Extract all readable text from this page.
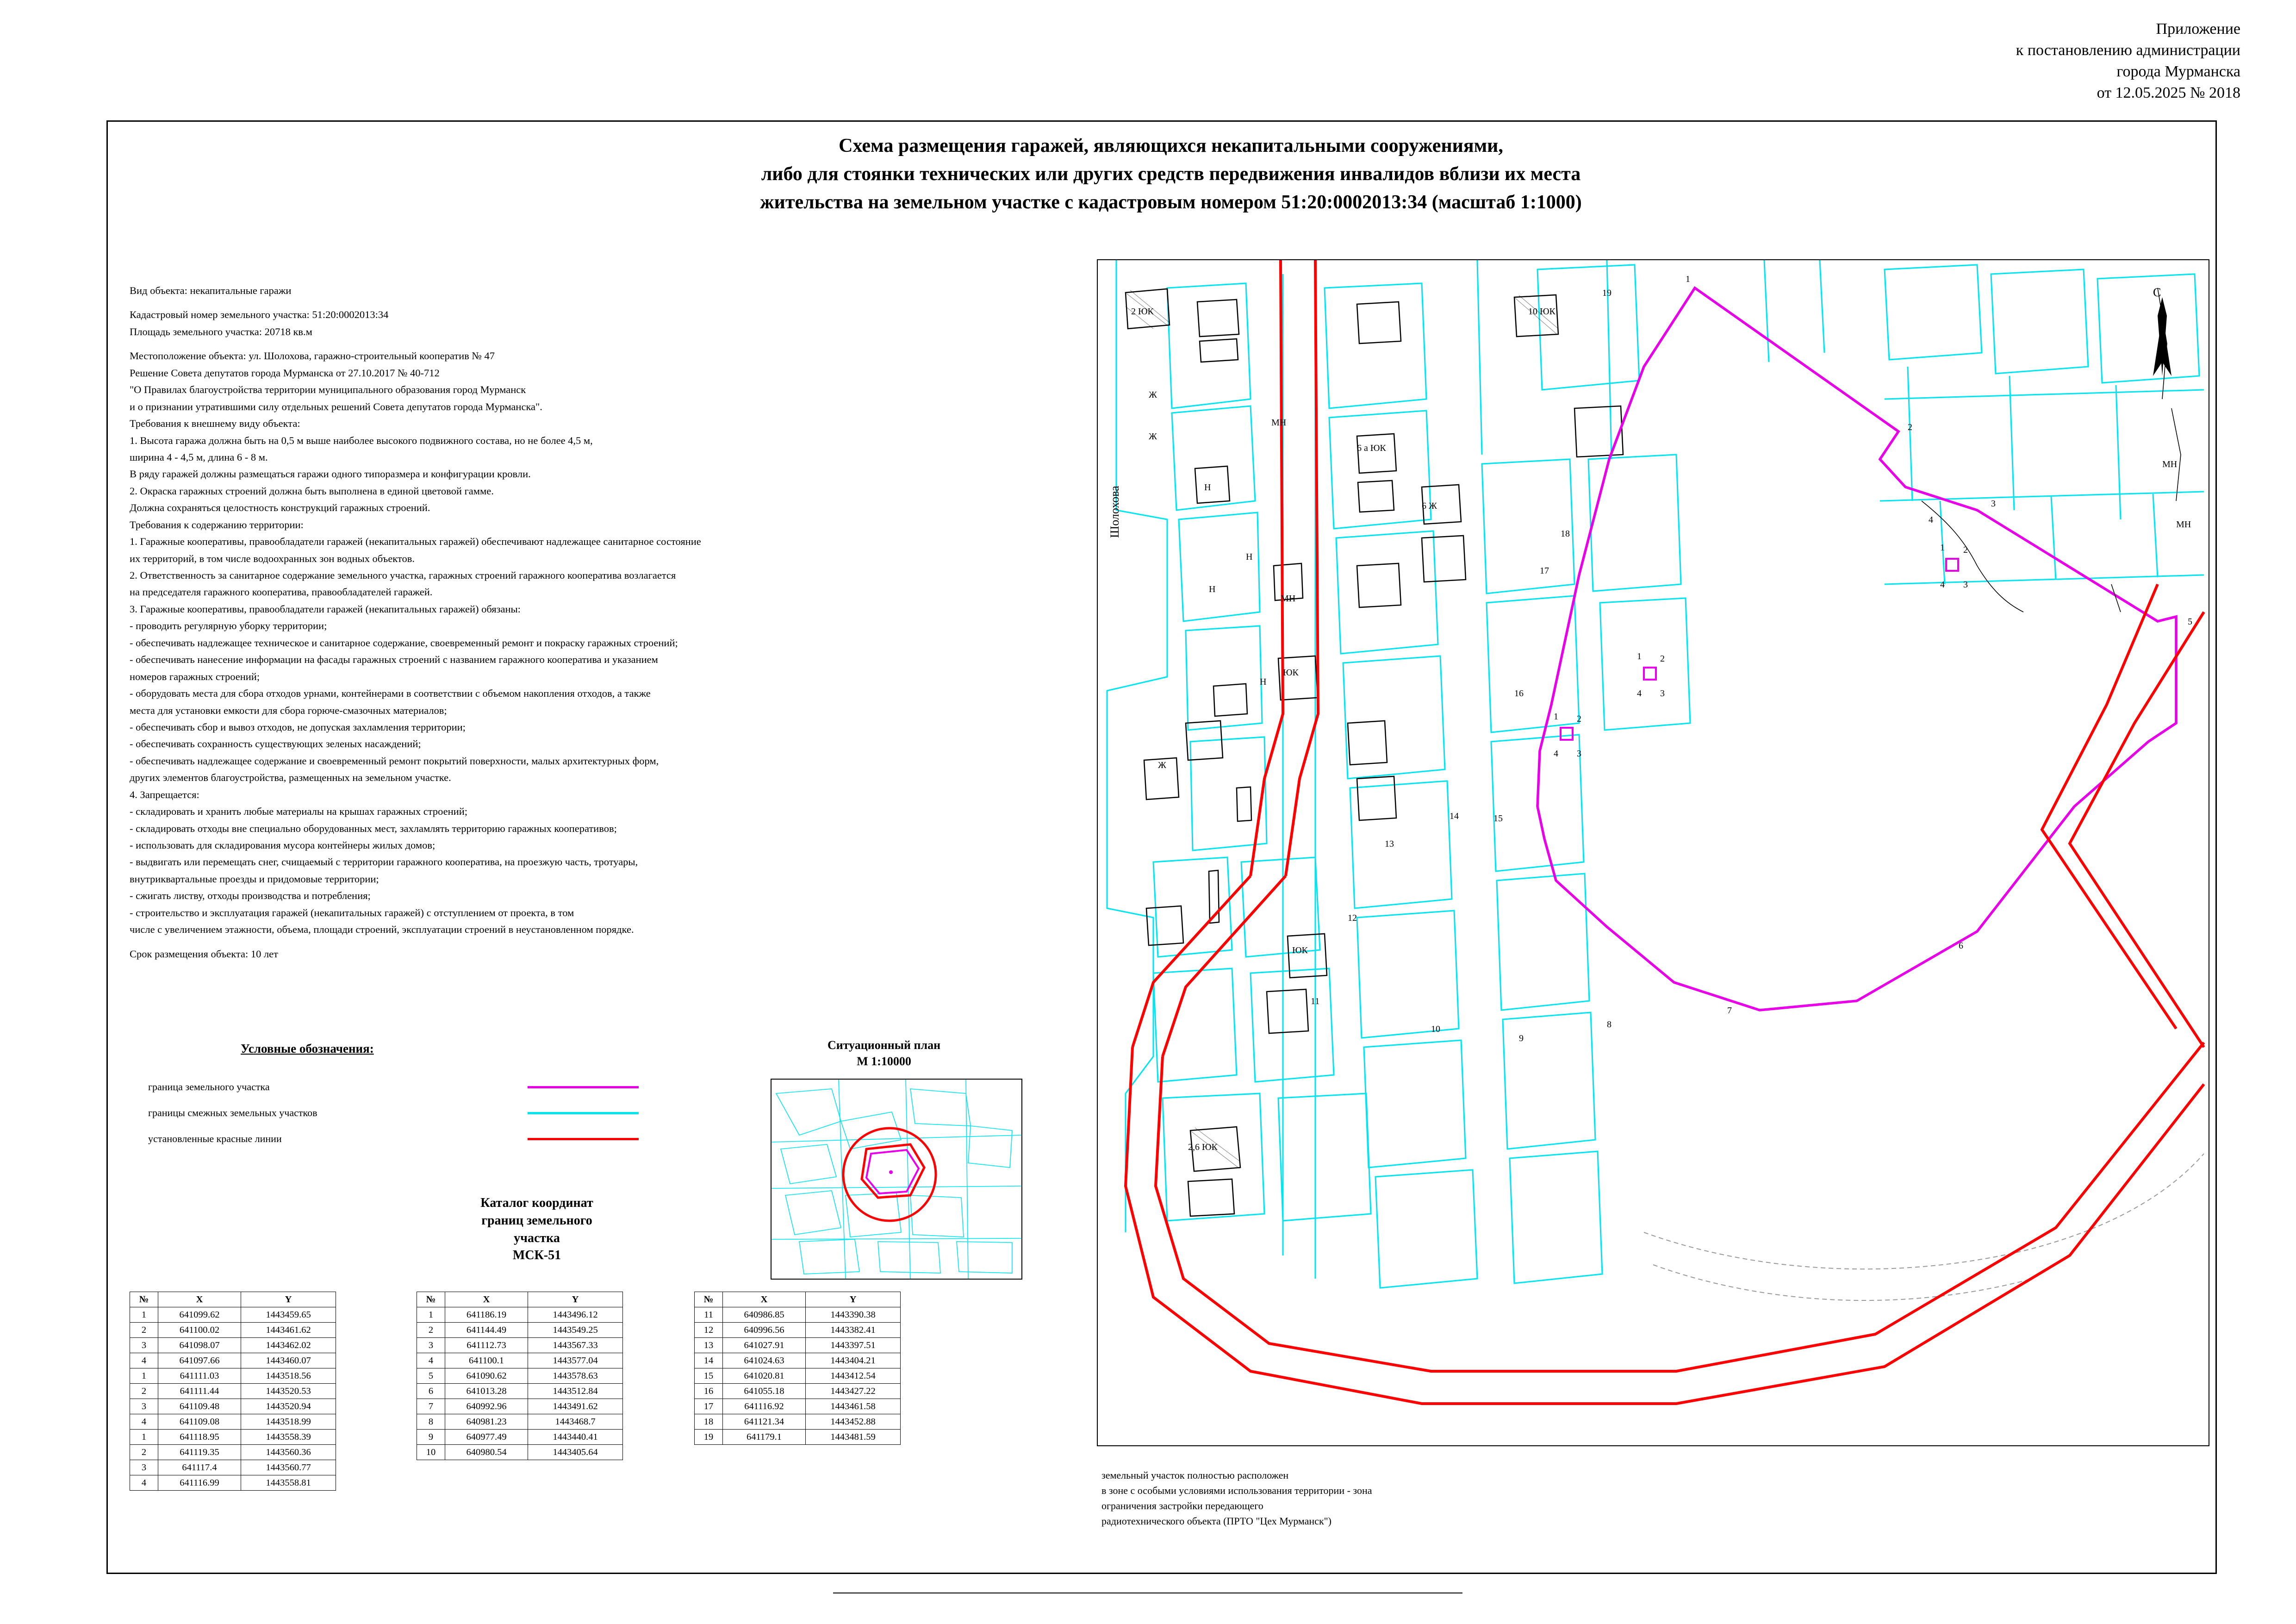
Приложение
к постановлению администрации
города Мурманска
от 12.05.2025 № 2018
Схема размещения гаражей, являющихся некапитальными сооружениями,
либо для стоянки технических или других средств передвижения инвалидов вблизи их места
жительства на земельном участке с кадастровым номером 51:20:0002013:34 (масштаб 1:1000)

Вид объекта: некапитальные гаражи

Кадастровый номер земельного участка: 51:20:0002013:34

Площадь земельного участка: 20718 кв.м

Местоположение объекта: ул. Шолохова, гаражно-строительный кооператив № 47

Решение Совета депутатов города Мурманска от 27.10.2017 № 40-712

"О Правилах благоустройства территории муниципального образования город Мурманск

и о признании утратившими силу отдельных решений Совета депутатов города Мурманска".

Требования к внешнему виду объекта:

1. Высота гаража должна быть на 0,5 м выше наиболее высокого подвижного состава, но не более 4,5 м,

ширина 4 - 4,5 м, длина 6 - 8 м.

В ряду гаражей должны размещаться гаражи одного типоразмера и конфигурации кровли.

2. Окраска гаражных строений должна быть выполнена в единой цветовой гамме.

Должна сохраняться целостность конструкций гаражных строений.

Требования к содержанию территории:

1. Гаражные кооперативы, правообладатели гаражей (некапитальных гаражей) обеспечивают надлежащее санитарное состояние

их территорий, в том числе водоохранных зон водных объектов.

2. Ответственность за санитарное содержание земельного участка, гаражных строений гаражного кооператива возлагается

на председателя гаражного кооператива, правообладателей гаражей.

3. Гаражные кооперативы, правообладатели гаражей (некапитальных гаражей) обязаны:

- проводить регулярную уборку территории;

- обеспечивать надлежащее техническое и санитарное содержание, своевременный ремонт и покраску гаражных строений;

- обеспечивать нанесение информации на фасады гаражных строений с названием гаражного кооператива и указанием

номеров гаражных строений;

- оборудовать места для сбора отходов урнами, контейнерами в соответствии с объемом накопления отходов, а также

места для установки емкости для сбора горюче-смазочных материалов;

- обеспечивать сбор и вывоз отходов, не допуская захламления территории;

- обеспечивать сохранность существующих зеленых насаждений;

- обеспечивать надлежащее содержание и своевременный ремонт покрытий поверхности, малых архитектурных форм,

других элементов благоустройства, размещенных на земельном участке.

4. Запрещается:

- складировать и хранить любые материалы на крышах гаражных строений;

- складировать отходы вне специально оборудованных мест, захламлять территорию гаражных кооперативов;

- использовать для складирования мусора контейнеры жилых домов;

- выдвигать или перемещать снег, счищаемый с территории гаражного кооператива, на проезжую часть, тротуары,

внутриквартальные проезды и придомовые территории;

- сжигать листву, отходы производства и потребления;

- строительство и эксплуатация гаражей (некапитальных гаражей) с отступлением от проекта, в том

числе с увеличением этажности, объема, площади строений, эксплуатации строений в неустановленном порядке.

Срок размещения объекта: 10 лет

Условные обозначения:
граница земельного участка
границы смежных земельных участков
установленные красные линии
Ситуационный план
М 1:10000
Каталог координат
границ земельного
участка
МСК-51
№	X	Y
1	641099.62	1443459.65
2	641100.02	1443461.62
3	641098.07	1443462.02
4	641097.66	1443460.07
1	641111.03	1443518.56
2	641111.44	1443520.53
3	641109.48	1443520.94
4	641109.08	1443518.99
1	641118.95	1443558.39
2	641119.35	1443560.36
3	641117.4	1443560.77
4	641116.99	1443558.81
№	X	Y
1	641186.19	1443496.12
2	641144.49	1443549.25
3	641112.73	1443567.33
4	641100.1	1443577.04
5	641090.62	1443578.63
6	641013.28	1443512.84
7	640992.96	1443491.62
8	640981.23	1443468.7
9	640977.49	1443440.41
10	640980.54	1443405.64
№	X	Y
11	640986.85	1443390.38
12	640996.56	1443382.41
13	641027.91	1443397.51
14	641024.63	1443404.21
15	641020.81	1443412.54
16	641055.18	1443427.22
17	641116.92	1443461.58
18	641121.34	1443452.88
19	641179.1	1443481.59
земельный участок полностью расположен
в зоне с особыми условиями использования территории - зона
ограничения застройки передающего
радиотехнического объекта (ПРТО "Цех Мурманск")
С
Шолохова
2 ЮК	10 ЮК
6 а ЮК
6 Ж
ЮК
ЮК
2,6 ЮК
МН
МН
МН
МН
Ж
Ж
Н
Н
Н
Н
Ж
1
2
3
4
5
6
7
8
9
10
11
12
13
14	15
16
17
18
19
1 2
4 3
1 2
4 3
1 2
4 3
